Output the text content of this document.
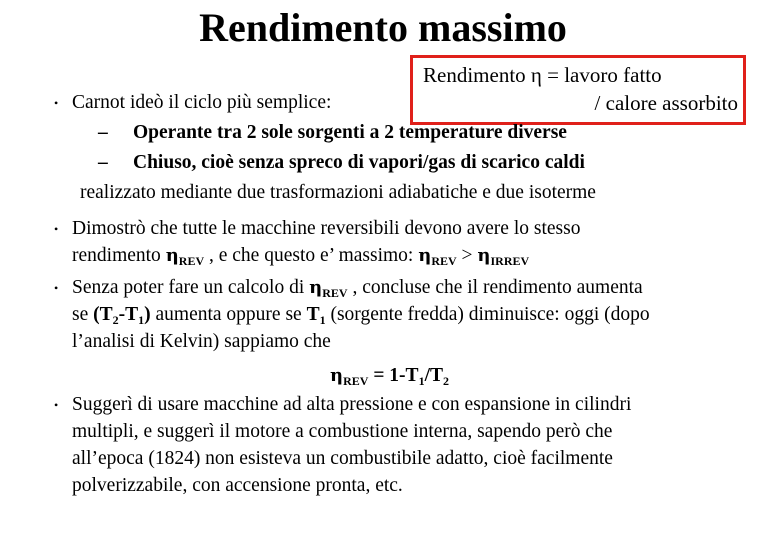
Rendimento massimo
Rendimento η = lavoro fatto
/ calore assorbito
• Carnot ideò il ciclo più semplice:
– Operante tra 2 sole sorgenti a 2 temperature diverse
– Chiuso, cioè senza spreco di vapori/gas di scarico caldi
realizzato mediante due trasformazioni adiabatiche e due isoterme
• Dimostrò che tutte le macchine reversibili devono avere lo stesso
rendimento $\eta_{REV}$ , e che questo e’ massimo: $\eta_{REV} > \eta_{IRREV}$
• Senza poter fare un calcolo di $\eta_{REV}$ , concluse che il rendimento aumenta
se $(T_2-T_1)$ aumenta oppure se $T_1$ (sorgente fredda) diminuisce: oggi (dopo
l’analisi di Kelvin) sappiamo che
$\eta_{REV} = 1-T_1/T_2$
• Suggerì di usare macchine ad alta pressione e con espansione in cilindri
multipli, e suggerì il motore a combustione interna, sapendo però che
all’epoca (1824) non esisteva un combustibile adatto, cioè facilmente
polverizzabile, con accensione pronta, etc.
